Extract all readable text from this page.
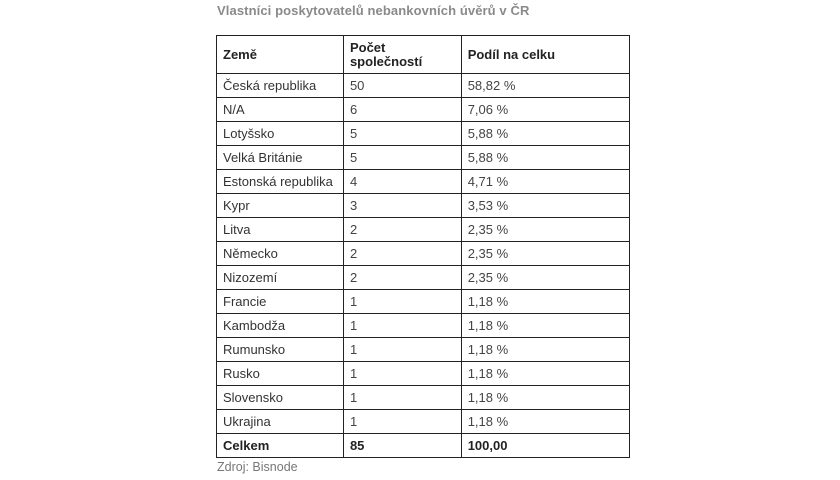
Vlastníci poskytovatelů nebankovních úvěrů v ČR
Země	Počet společností	Podíl na celku
Česká republika	50	58,82 %
N/A	6	7,06 %
Lotyšsko	5	5,88 %
Velká Británie	5	5,88 %
Estonská republika	4	4,71 %
Kypr	3	3,53 %
Litva	2	2,35 %
Německo	2	2,35 %
Nizozemí	2	2,35 %
Francie	1	1,18 %
Kambodža	1	1,18 %
Rumunsko	1	1,18 %
Rusko	1	1,18 %
Slovensko	1	1,18 %
Ukrajina	1	1,18 %
Celkem	85	100,00
Zdroj: Bisnode
